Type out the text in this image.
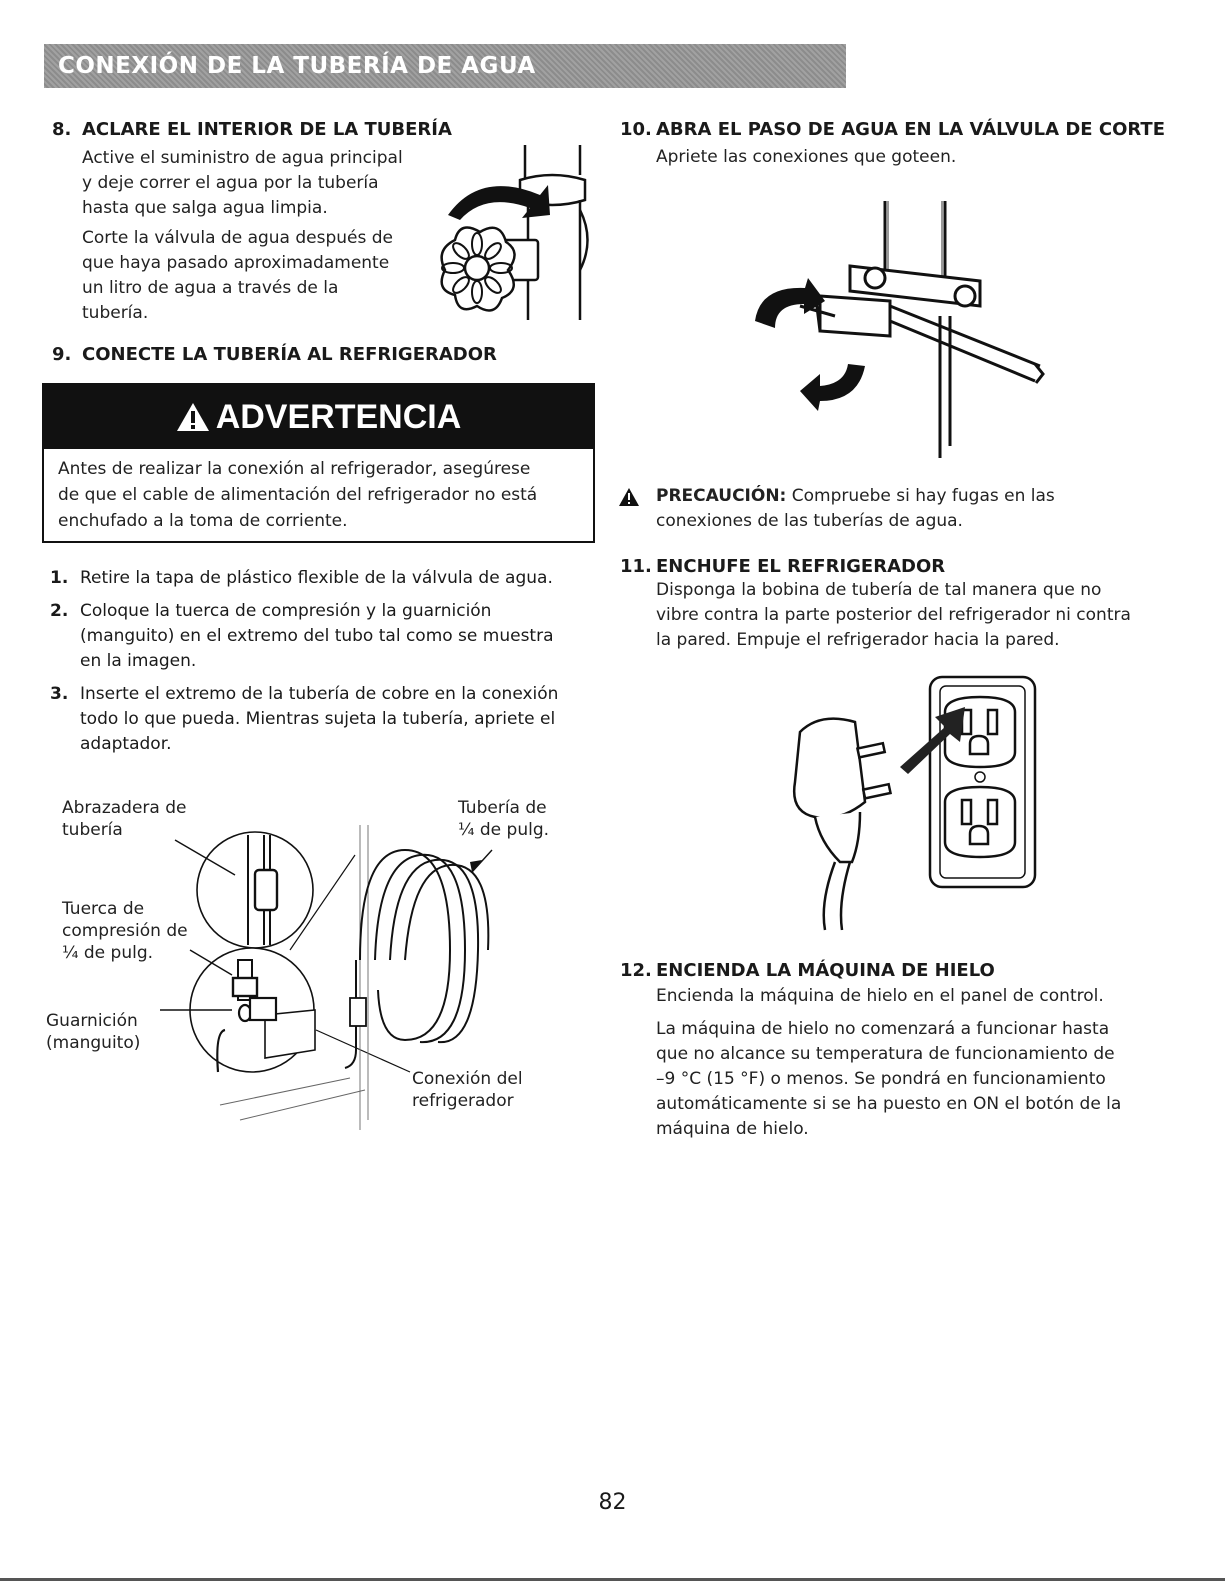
CONEXIÓN DE LA TUBERÍA DE AGUA
8. ACLARE EL INTERIOR DE LA TUBERÍA
Active el suministro de agua principal
y deje correr el agua por la tubería
hasta que salga agua limpia.
Corte la válvula de agua después de
que haya pasado aproximadamente
un litro de agua a través de la
tubería.
9. CONECTE LA TUBERÍA AL REFRIGERADOR
ADVERTENCIA
Antes de realizar la conexión al refrigerador, asegúrese
de que el cable de alimentación del refrigerador no está
enchufado a la toma de corriente.
1. Retire la tapa de plástico flexible de la válvula de agua.
2. Coloque la tuerca de compresión y la guarnición
(manguito) en el extremo del tubo tal como se muestra
en la imagen.
3. Inserte el extremo de la tubería de cobre en la conexión
todo lo que pueda. Mientras sujeta la tubería, apriete el
adaptador.
Abrazadera de
tubería
Tubería de
¼ de pulg.
Tuerca de
compresión de
¼ de pulg.
Guarnición
(manguito)
Conexión del
refrigerador
10. ABRA EL PASO DE AGUA EN LA VÁLVULA DE CORTE
Apriete las conexiones que goteen.
PRECAUCIÓN: Compruebe si hay fugas en las
conexiones de las tuberías de agua.
11. ENCHUFE EL REFRIGERADOR
Disponga la bobina de tubería de tal manera que no
vibre contra la parte posterior del refrigerador ni contra
la pared. Empuje el refrigerador hacia la pared.
12. ENCIENDA LA MÁQUINA DE HIELO
Encienda la máquina de hielo en el panel de control.
La máquina de hielo no comenzará a funcionar hasta
que no alcance su temperatura de funcionamiento de
–9 °C (15 °F) o menos. Se pondrá en funcionamiento
automáticamente si se ha puesto en ON el botón de la
máquina de hielo.
82
